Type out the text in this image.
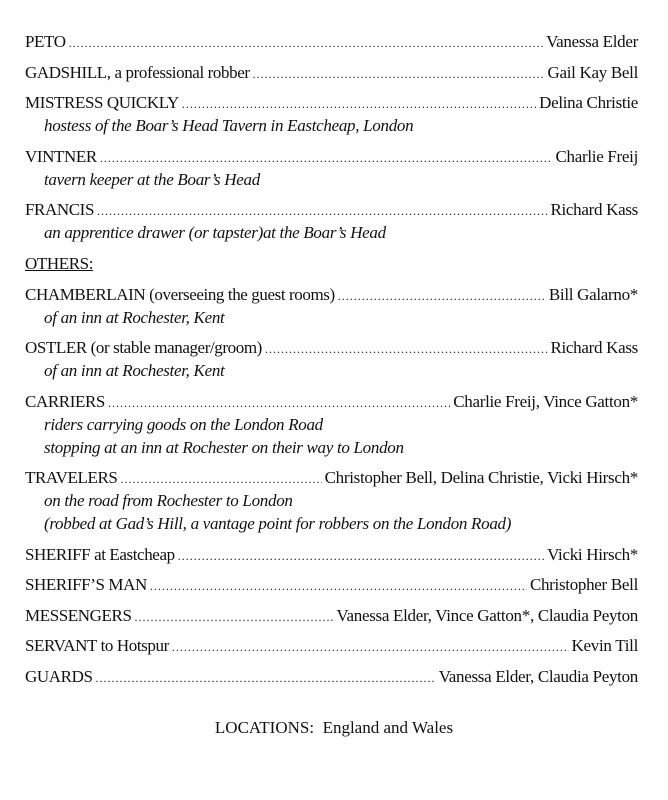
PETO .....	Vanessa Elder
GADSHILL, a professional robber .....	Gail Kay Bell
MISTRESS QUICKLY .....	Delina Christie
hostess of the Boar’s Head Tavern in Eastcheap, London
VINTNER .....	Charlie Freij
tavern keeper at the Boar’s Head
FRANCIS .....	Richard Kass
an apprentice drawer (or tapster)at the Boar’s Head
OTHERS:
CHAMBERLAIN (overseeing the guest rooms) .....	Bill Galarno*
of an inn at Rochester, Kent
OSTLER (or stable manager/groom) .....	Richard Kass
of an inn at Rochester, Kent
CARRIERS .....	Charlie Freij, Vince Gatton*
riders carrying goods on the London Road
stopping at an inn at Rochester on their way to London
TRAVELERS .....	Christopher Bell, Delina Christie, Vicki Hirsch*
on the road from Rochester to London
(robbed at Gad’s Hill, a vantage point for robbers on the London Road)
SHERIFF at Eastcheap .....	Vicki Hirsch*
SHERIFF’S MAN .....	Christopher Bell
MESSENGERS .....	Vanessa Elder, Vince Gatton*, Claudia Peyton
SERVANT to Hotspur .....	Kevin Till
GUARDS .....	Vanessa Elder, Claudia Peyton
LOCATIONS:  England and Wales
